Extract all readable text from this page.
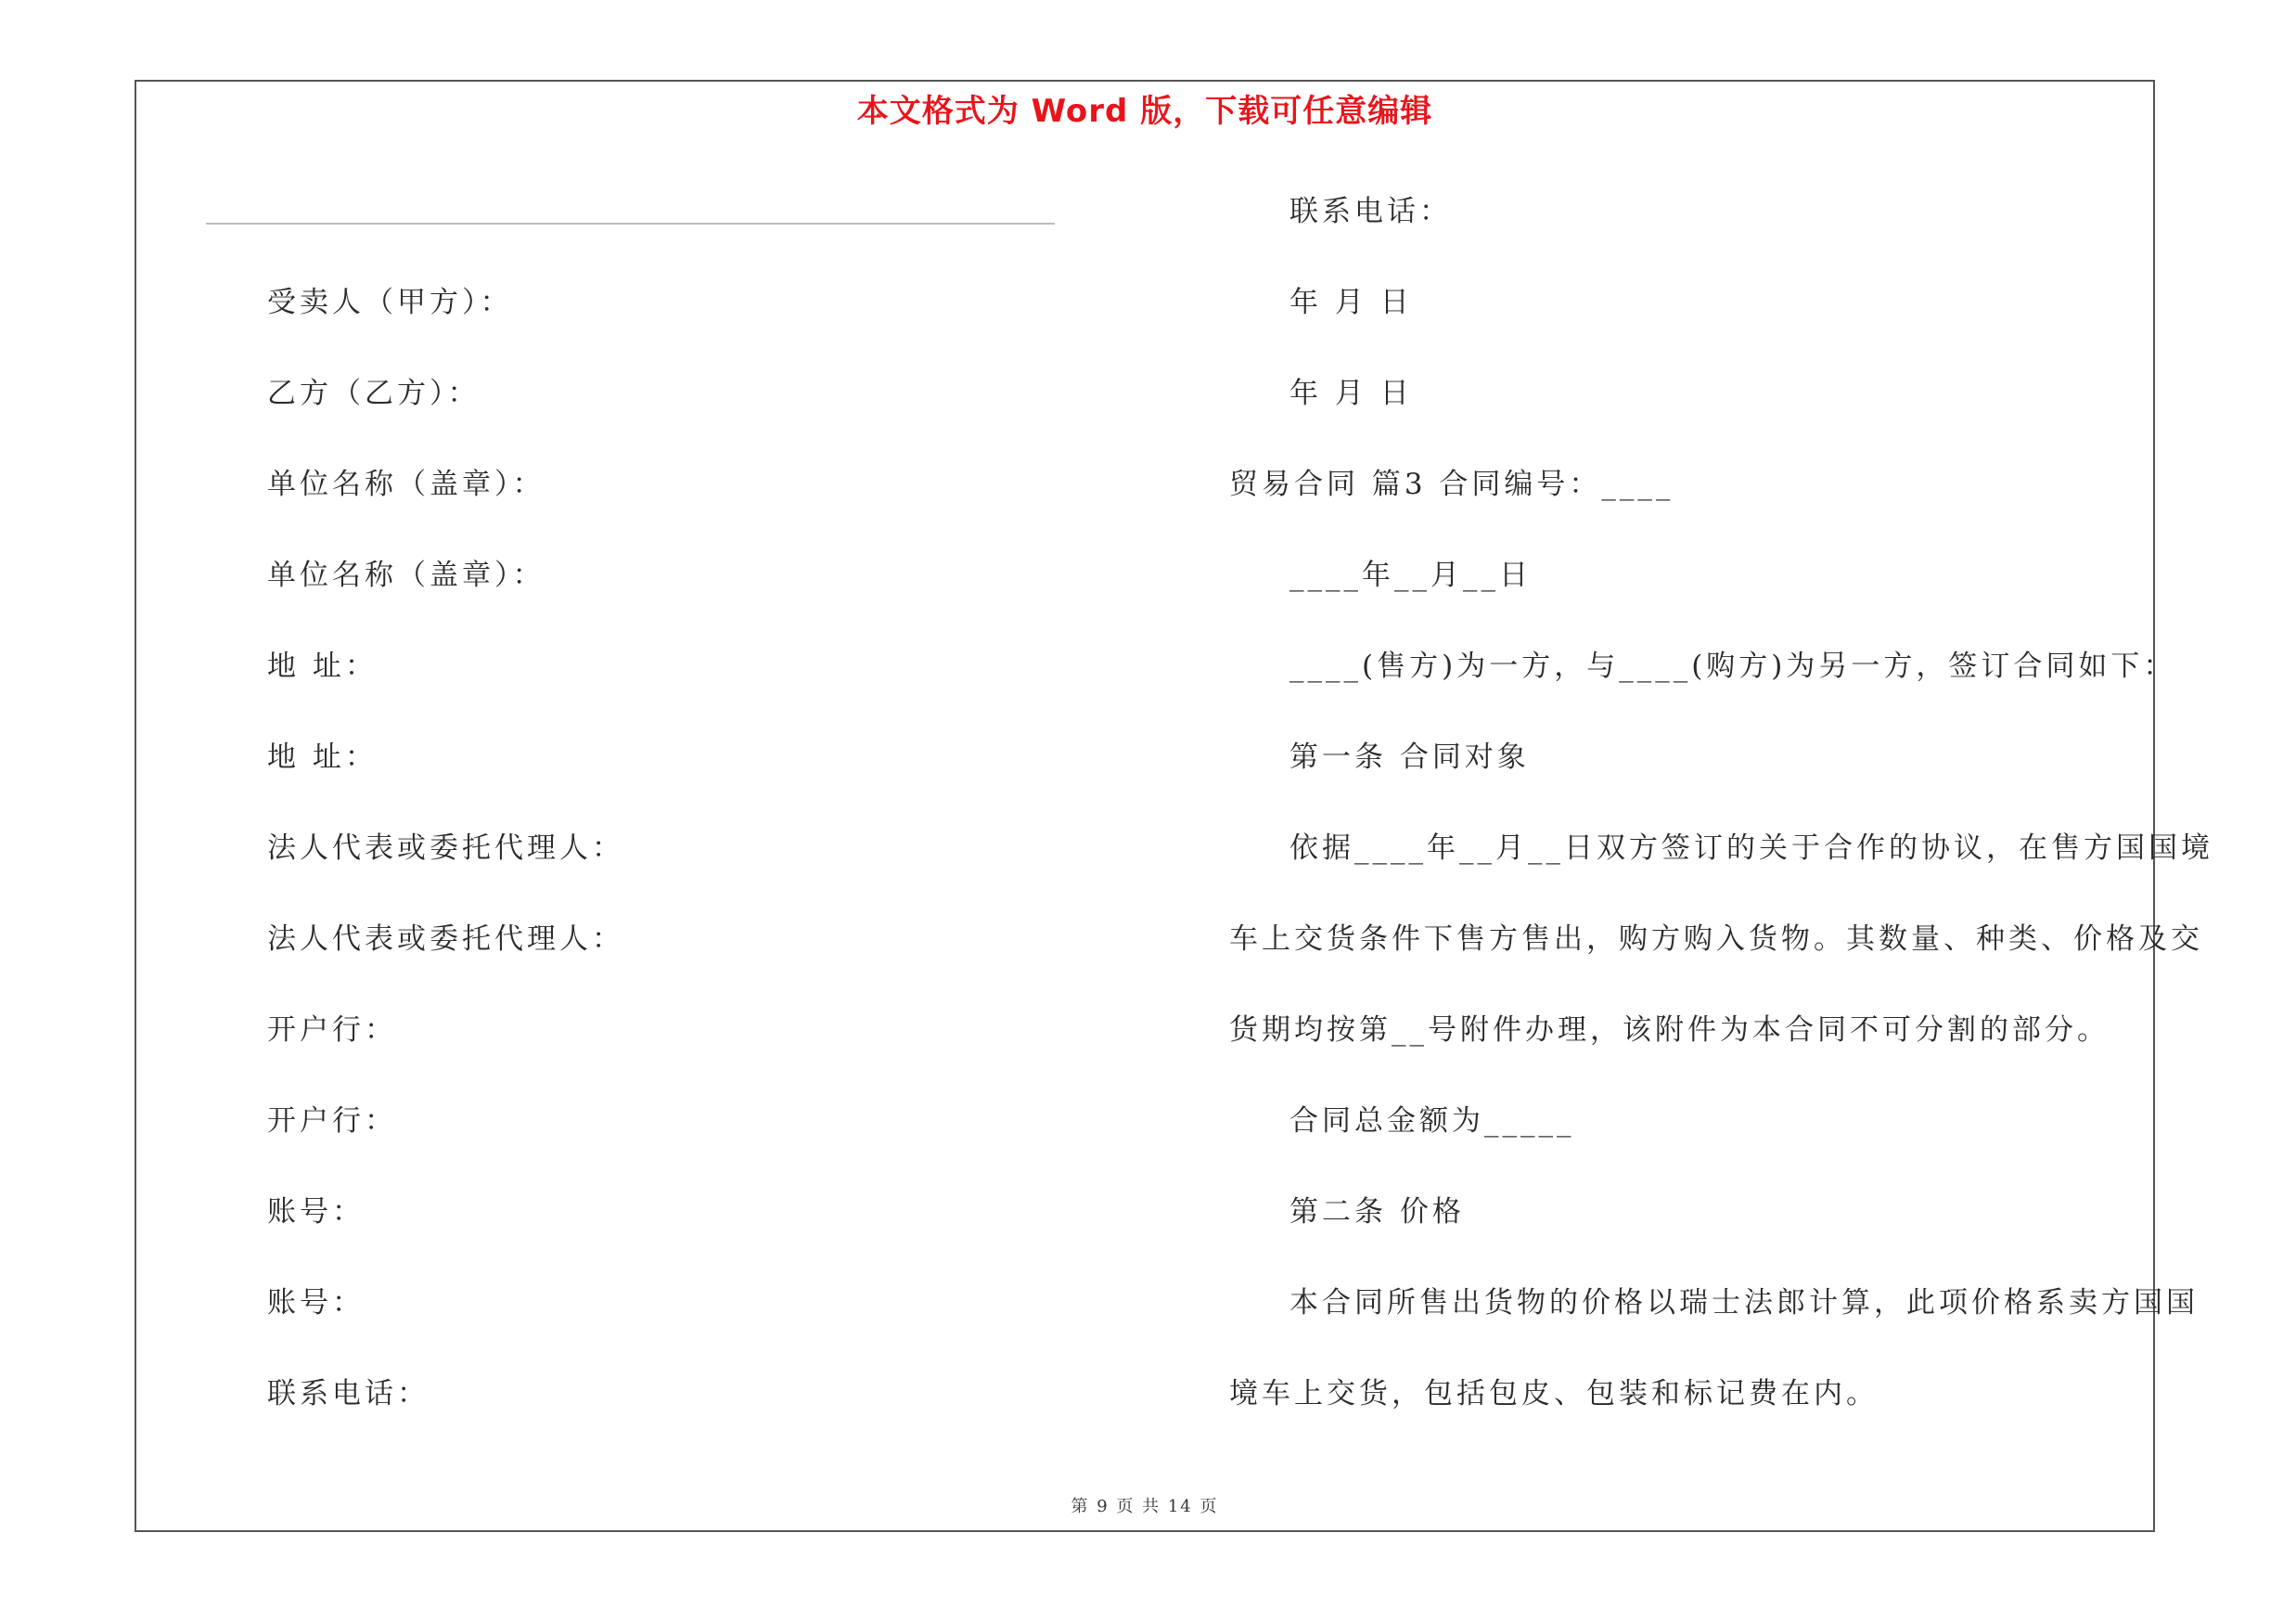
本文格式为 Word 版，下载可任意编辑
受卖人（甲方）：
乙方（乙方）：
单位名称（盖章）：
单位名称（盖章）：
地 址：
地 址：
法人代表或委托代理人：
法人代表或委托代理人：
开户行：
开户行：
账号：
账号：
联系电话：
联系电话：
年 月 日
年 月 日
贸易合同 篇3 合同编号：____
____年__月__日
____(售方)为一方，与____(购方)为另一方，签订合同如下：
第一条 合同对象
依据____年__月__日双方签订的关于合作的协议，在售方国国境
车上交货条件下售方售出，购方购入货物。其数量、种类、价格及交
货期均按第__号附件办理，该附件为本合同不可分割的部分。
合同总金额为_____
第二条 价格
本合同所售出货物的价格以瑞士法郎计算，此项价格系卖方国国
境车上交货，包括包皮、包装和标记费在内。
第 9 页 共 14 页
